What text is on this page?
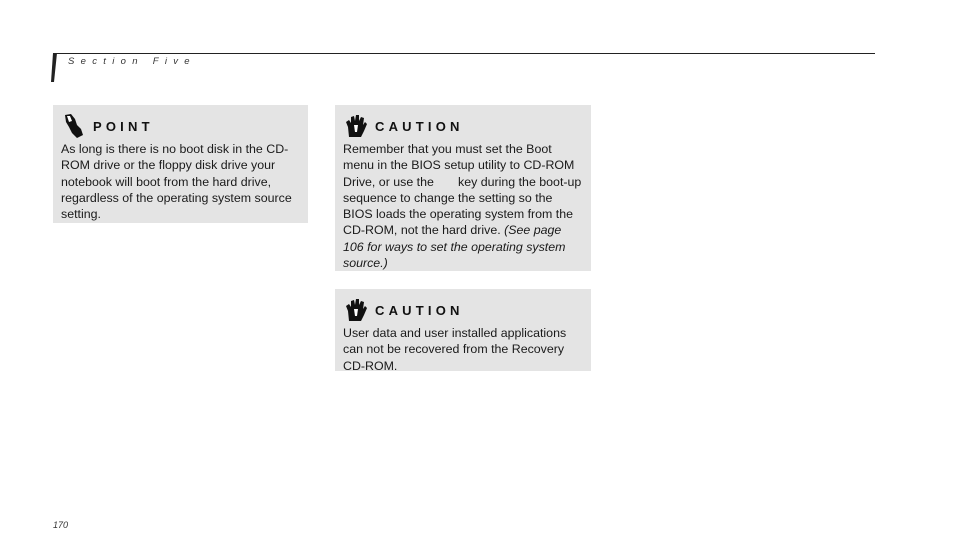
Section Five
POINT
As long is there is no boot disk in the CD-ROM drive or the floppy disk drive your notebook will boot from the hard drive, regardless of the operating system source setting.
CAUTION
Remember that you must set the Boot menu in the BIOS setup utility to CD-ROM Drive, or use the       key during the boot-up sequence to change the setting so the BIOS loads the operating system from the CD-ROM, not the hard drive. (See page 106 for ways to set the operating system source.)
CAUTION
User data and user installed applications can not be recovered from the Recovery CD-ROM.
170
